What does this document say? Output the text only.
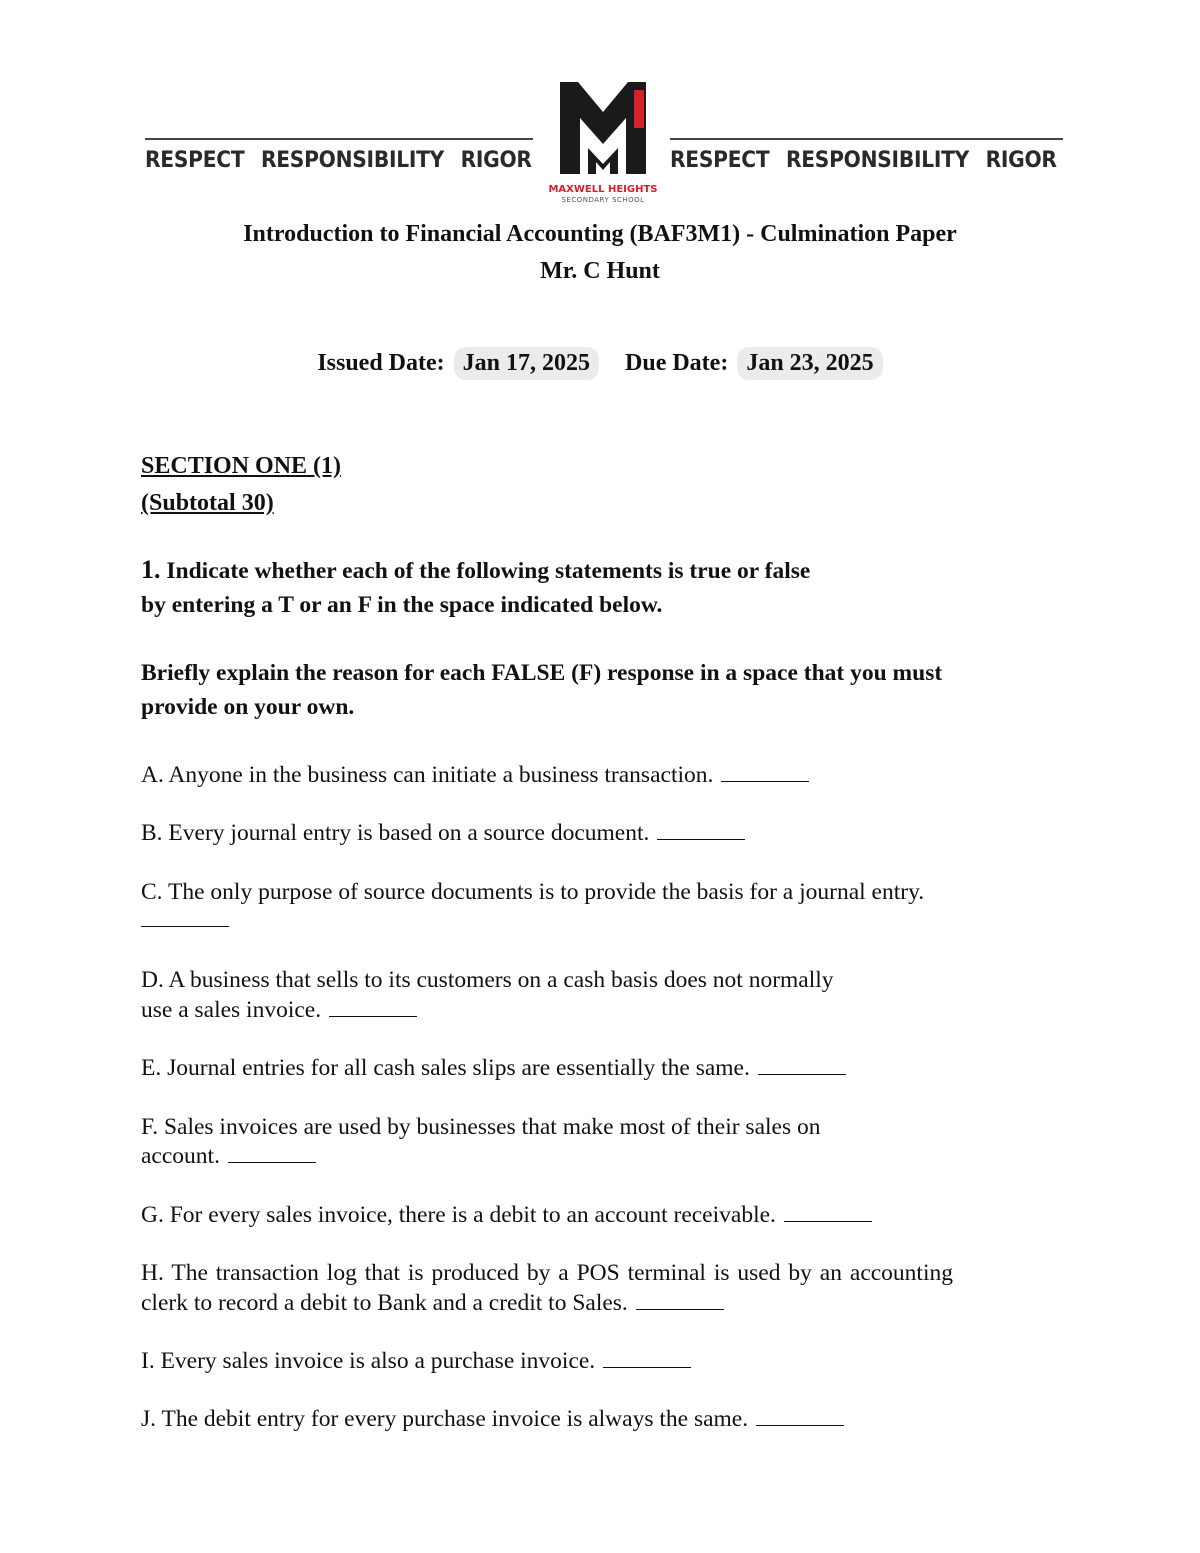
RESPECT RESPONSIBILITY RIGOR
MAXWELL HEIGHTS
SECONDARY SCHOOL
RESPECT RESPONSIBILITY RIGOR
Introduction to Financial Accounting (BAF3M1) - Culmination Paper
Mr. C Hunt
Issued Date: Jan 17, 2025	Due Date: Jan 23, 2025
SECTION ONE (1)
(Subtotal 30)
1. Indicate whether each of the following statements is true or false
by entering a T or an F in the space indicated below.
Briefly explain the reason for each FALSE (F) response in a space that you must
provide on your own.
A. Anyone in the business can initiate a business transaction.
B. Every journal entry is based on a source document.
C. The only purpose of source documents is to provide the basis for a journal entry.
D. A business that sells to its customers on a cash basis does not normally
use a sales invoice.
E. Journal entries for all cash sales slips are essentially the same.
F. Sales invoices are used by businesses that make most of their sales on
account.
G. For every sales invoice, there is a debit to an account receivable.
H. The transaction log that is produced by a POS terminal is used by an accounting clerk to record a debit to Bank and a credit to Sales.
I. Every sales invoice is also a purchase invoice.
J. The debit entry for every purchase invoice is always the same.
